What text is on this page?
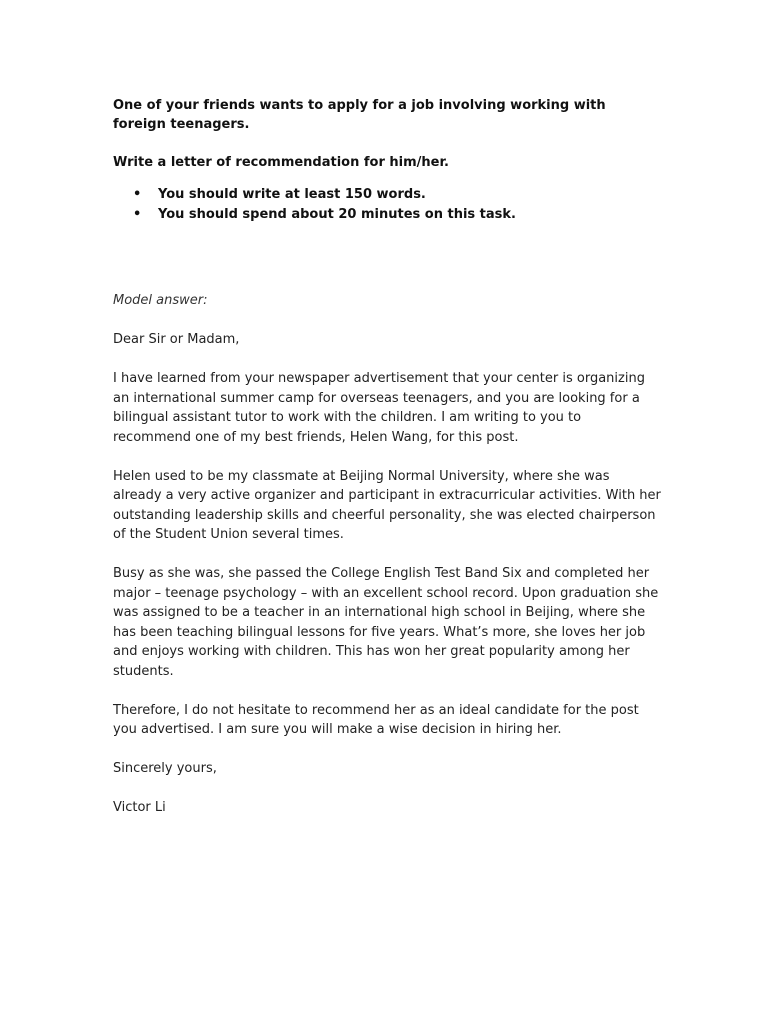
One of your friends wants to apply for a job involving working with foreign teenagers.

Write a letter of recommendation for him/her.

• You should write at least 150 words.
• You should spend about 20 minutes on this task.

Model answer:

Dear Sir or Madam,

I have learned from your newspaper advertisement that your center is organizing an international summer camp for overseas teenagers, and you are looking for a bilingual assistant tutor to work with the children. I am writing to you to recommend one of my best friends, Helen Wang, for this post.

Helen used to be my classmate at Beijing Normal University, where she was already a very active organizer and participant in extracurricular activities. With her outstanding leadership skills and cheerful personality, she was elected chairperson of the Student Union several times.

Busy as she was, she passed the College English Test Band Six and completed her major – teenage psychology – with an excellent school record. Upon graduation she was assigned to be a teacher in an international high school in Beijing, where she has been teaching bilingual lessons for five years. What’s more, she loves her job and enjoys working with children. This has won her great popularity among her students.

Therefore, I do not hesitate to recommend her as an ideal candidate for the post you advertised. I am sure you will make a wise decision in hiring her.

Sincerely yours,

Victor Li
